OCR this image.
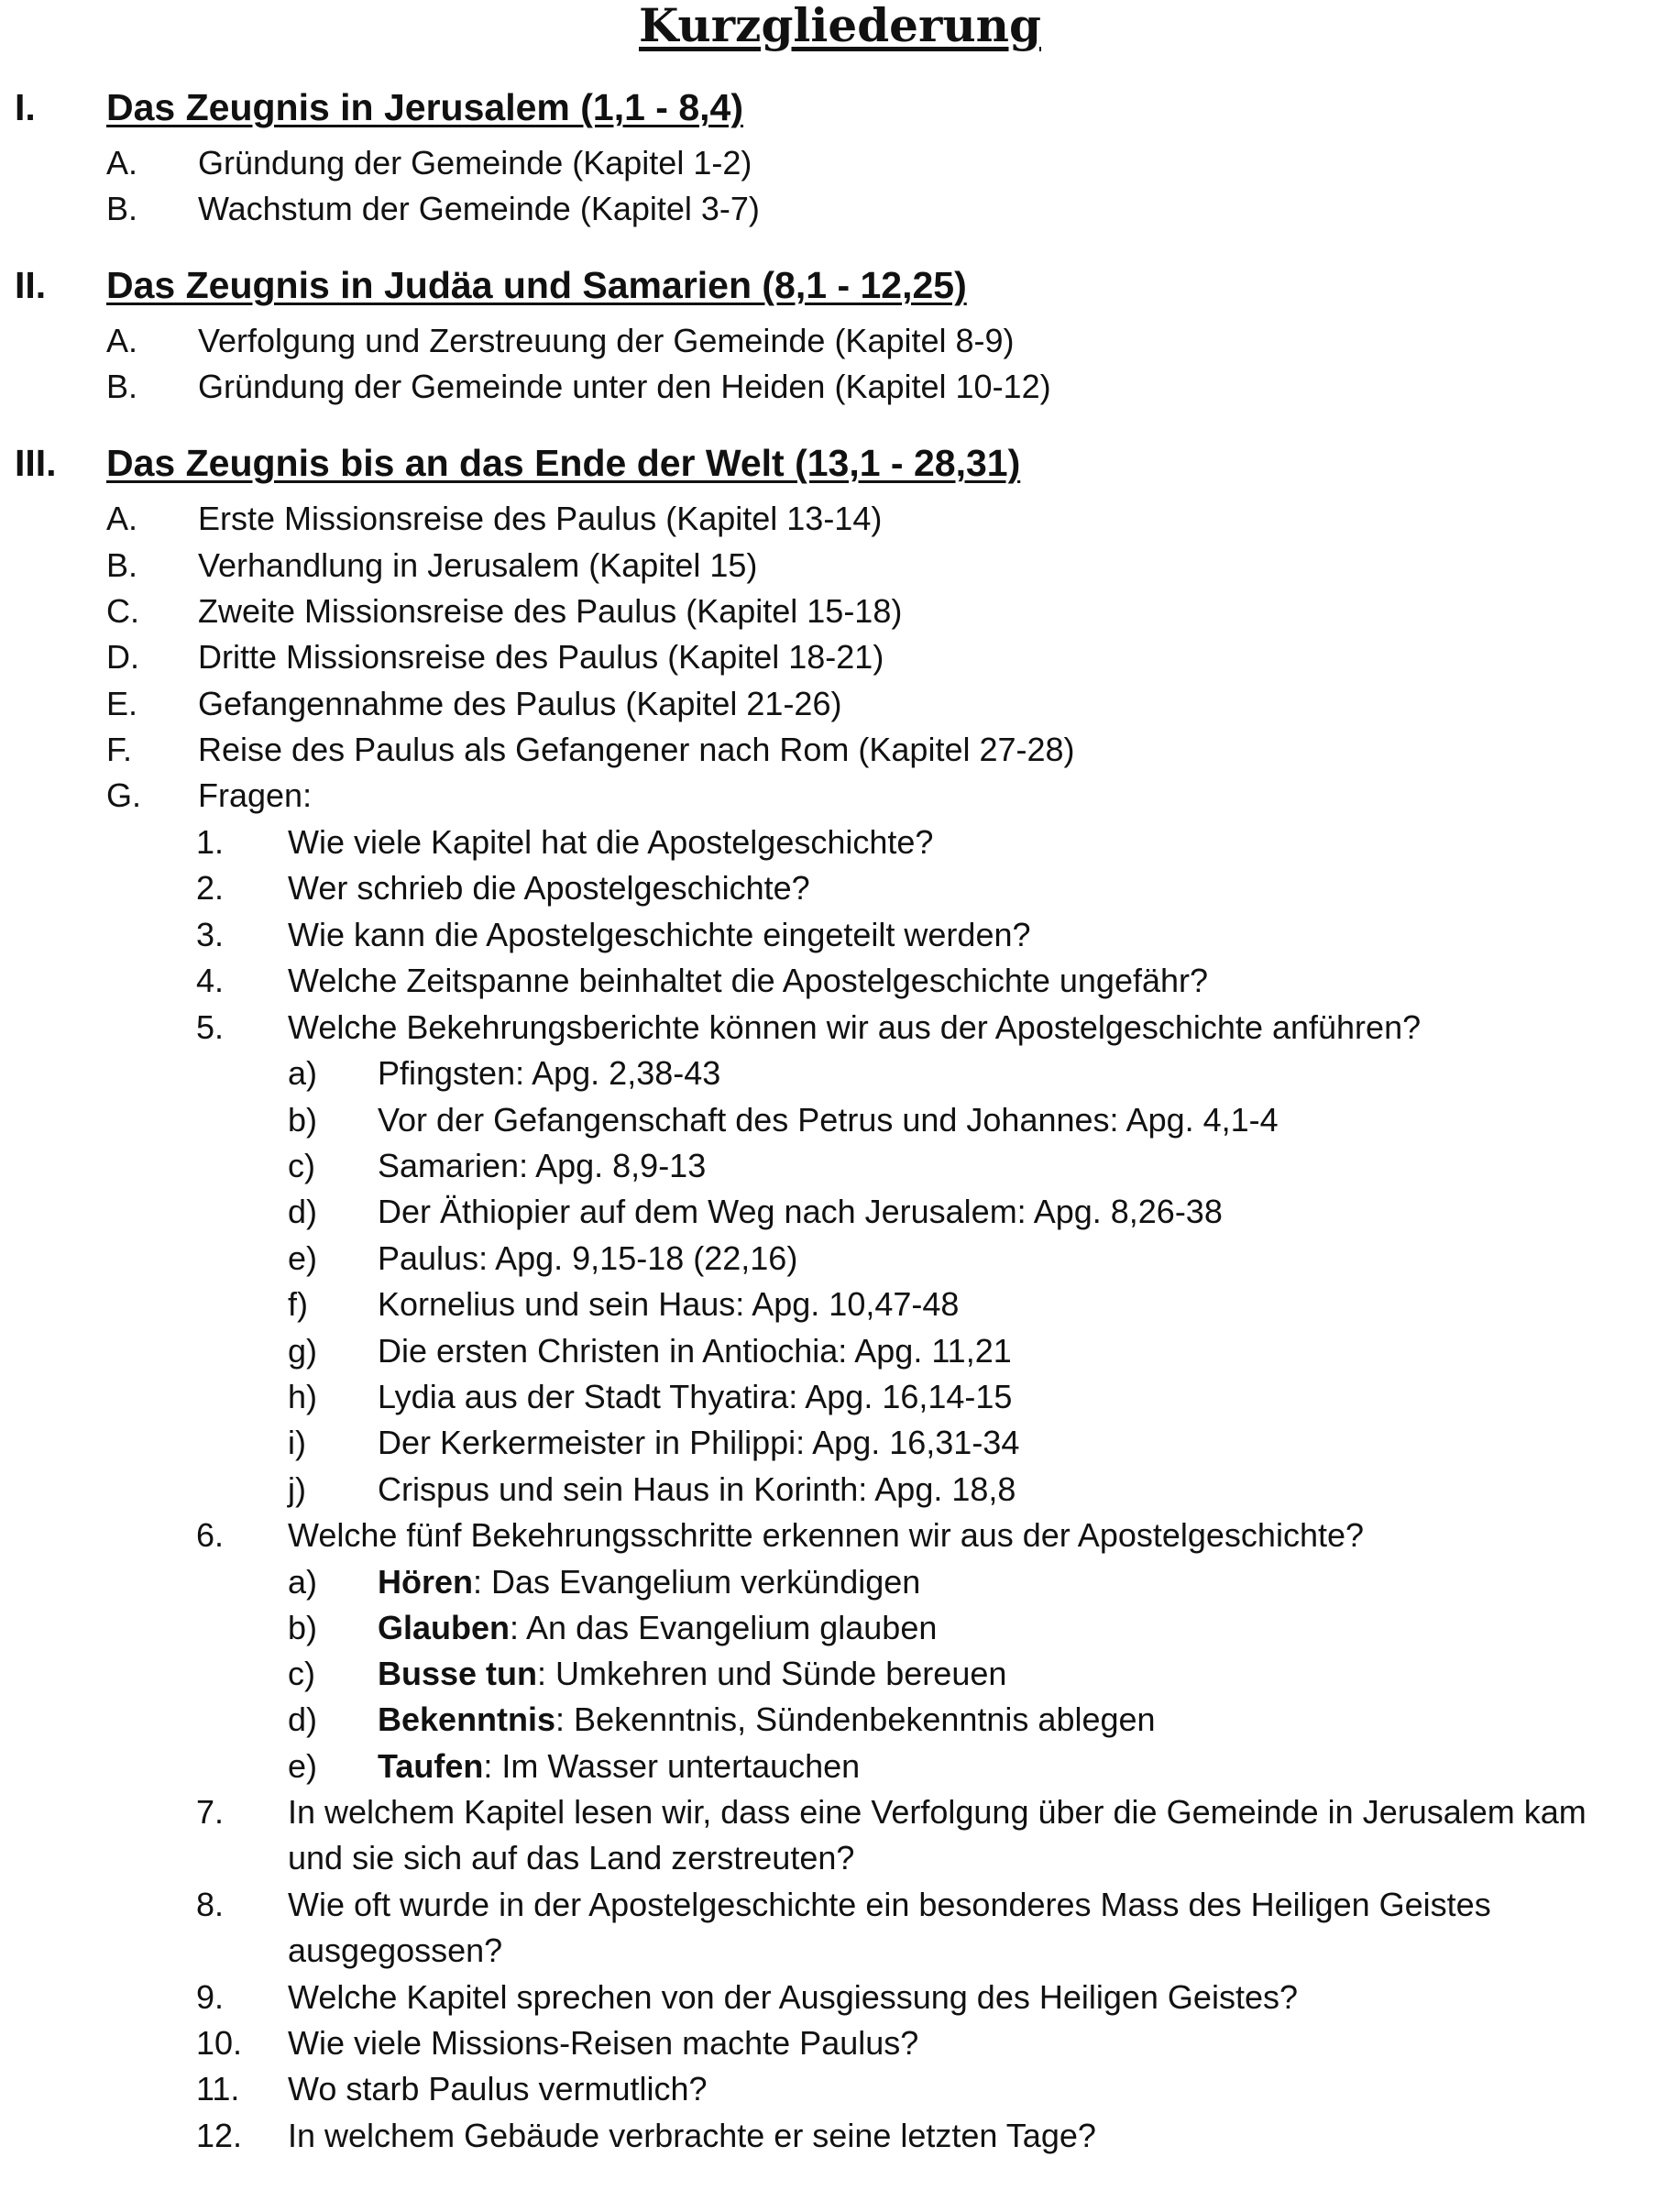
Kurzgliederung
I. Das Zeugnis in Jerusalem (1,1 - 8,4)
A. Gründung der Gemeinde (Kapitel 1-2)
B. Wachstum der Gemeinde (Kapitel 3-7)
II. Das Zeugnis in Judäa und Samarien (8,1 - 12,25)
A. Verfolgung und Zerstreuung der Gemeinde (Kapitel 8-9)
B. Gründung der Gemeinde unter den Heiden (Kapitel 10-12)
III. Das Zeugnis bis an das Ende der Welt (13,1 - 28,31)
A. Erste Missionsreise des Paulus (Kapitel 13-14)
B. Verhandlung in Jerusalem (Kapitel 15)
C. Zweite Missionsreise des Paulus (Kapitel 15-18)
D. Dritte Missionsreise des Paulus (Kapitel 18-21)
E. Gefangennahme des Paulus (Kapitel 21-26)
F. Reise des Paulus als Gefangener nach Rom (Kapitel 27-28)
G. Fragen:
1. Wie viele Kapitel hat die Apostelgeschichte?
2. Wer schrieb die Apostelgeschichte?
3. Wie kann die Apostelgeschichte eingeteilt werden?
4. Welche Zeitspanne beinhaltet die Apostelgeschichte ungefähr?
5. Welche Bekehrungsberichte können wir aus der Apostelgeschichte anführen?
a) Pfingsten: Apg. 2,38-43
b) Vor der Gefangenschaft des Petrus und Johannes: Apg. 4,1-4
c) Samarien: Apg. 8,9-13
d) Der Äthiopier auf dem Weg nach Jerusalem: Apg. 8,26-38
e) Paulus: Apg. 9,15-18 (22,16)
f) Kornelius und sein Haus: Apg. 10,47-48
g) Die ersten Christen in Antiochia: Apg. 11,21
h) Lydia aus der Stadt Thyatira: Apg. 16,14-15
i) Der Kerkermeister in Philippi: Apg. 16,31-34
j) Crispus und sein Haus in Korinth: Apg. 18,8
6. Welche fünf Bekehrungsschritte erkennen wir aus der Apostelgeschichte?
a) Hören: Das Evangelium verkündigen
b) Glauben: An das Evangelium glauben
c) Busse tun: Umkehren und Sünde bereuen
d) Bekenntnis: Bekenntnis, Sündenbekenntnis ablegen
e) Taufen: Im Wasser untertauchen
7. In welchem Kapitel lesen wir, dass eine Verfolgung über die Gemeinde in Jerusalem kam
und sie sich auf das Land zerstreuten?
8. Wie oft wurde in der Apostelgeschichte ein besonderes Mass des Heiligen Geistes
ausgegossen?
9. Welche Kapitel sprechen von der Ausgiessung des Heiligen Geistes?
10. Wie viele Missions-Reisen machte Paulus?
11. Wo starb Paulus vermutlich?
12. In welchem Gebäude verbrachte er seine letzten Tage?
